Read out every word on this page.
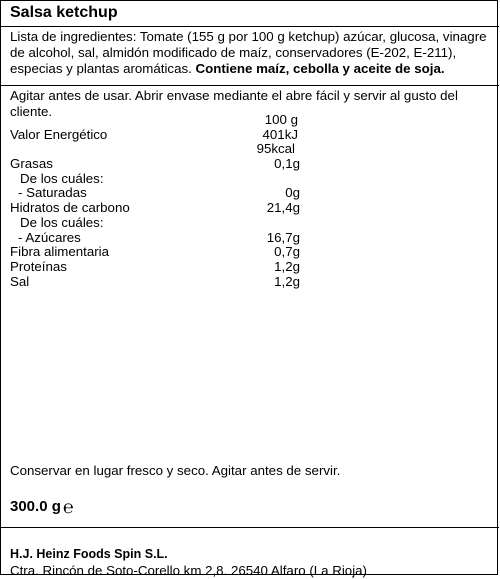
Salsa ketchup
Lista de ingredientes: Tomate (155 g por 100 g ketchup) azúcar, glucosa, vinagre de alcohol, sal, almidón modificado de maíz, conservadores (E-202, E-211), especias y plantas aromáticas. Contiene maíz, cebolla y aceite de soja.
Agitar antes de usar. Abrir envase mediante el abre fácil y servir al gusto del cliente.
100 g
Valor Energético	401kJ
95kcal
Grasas	0,1g
De los cuáles:
- Saturadas	0g
Hidratos de carbono	21,4g
De los cuáles:
- Azúcares	16,7g
Fibra alimentaria	0,7g
Proteínas	1,2g
Sal	1,2g
Conservar en lugar fresco y seco. Agitar antes de servir.
300.0 g ℮
H.J. Heinz Foods Spin S.L.
Ctra. Rincón de Soto-Corello km 2,8. 26540 Alfaro (La Rioja)
